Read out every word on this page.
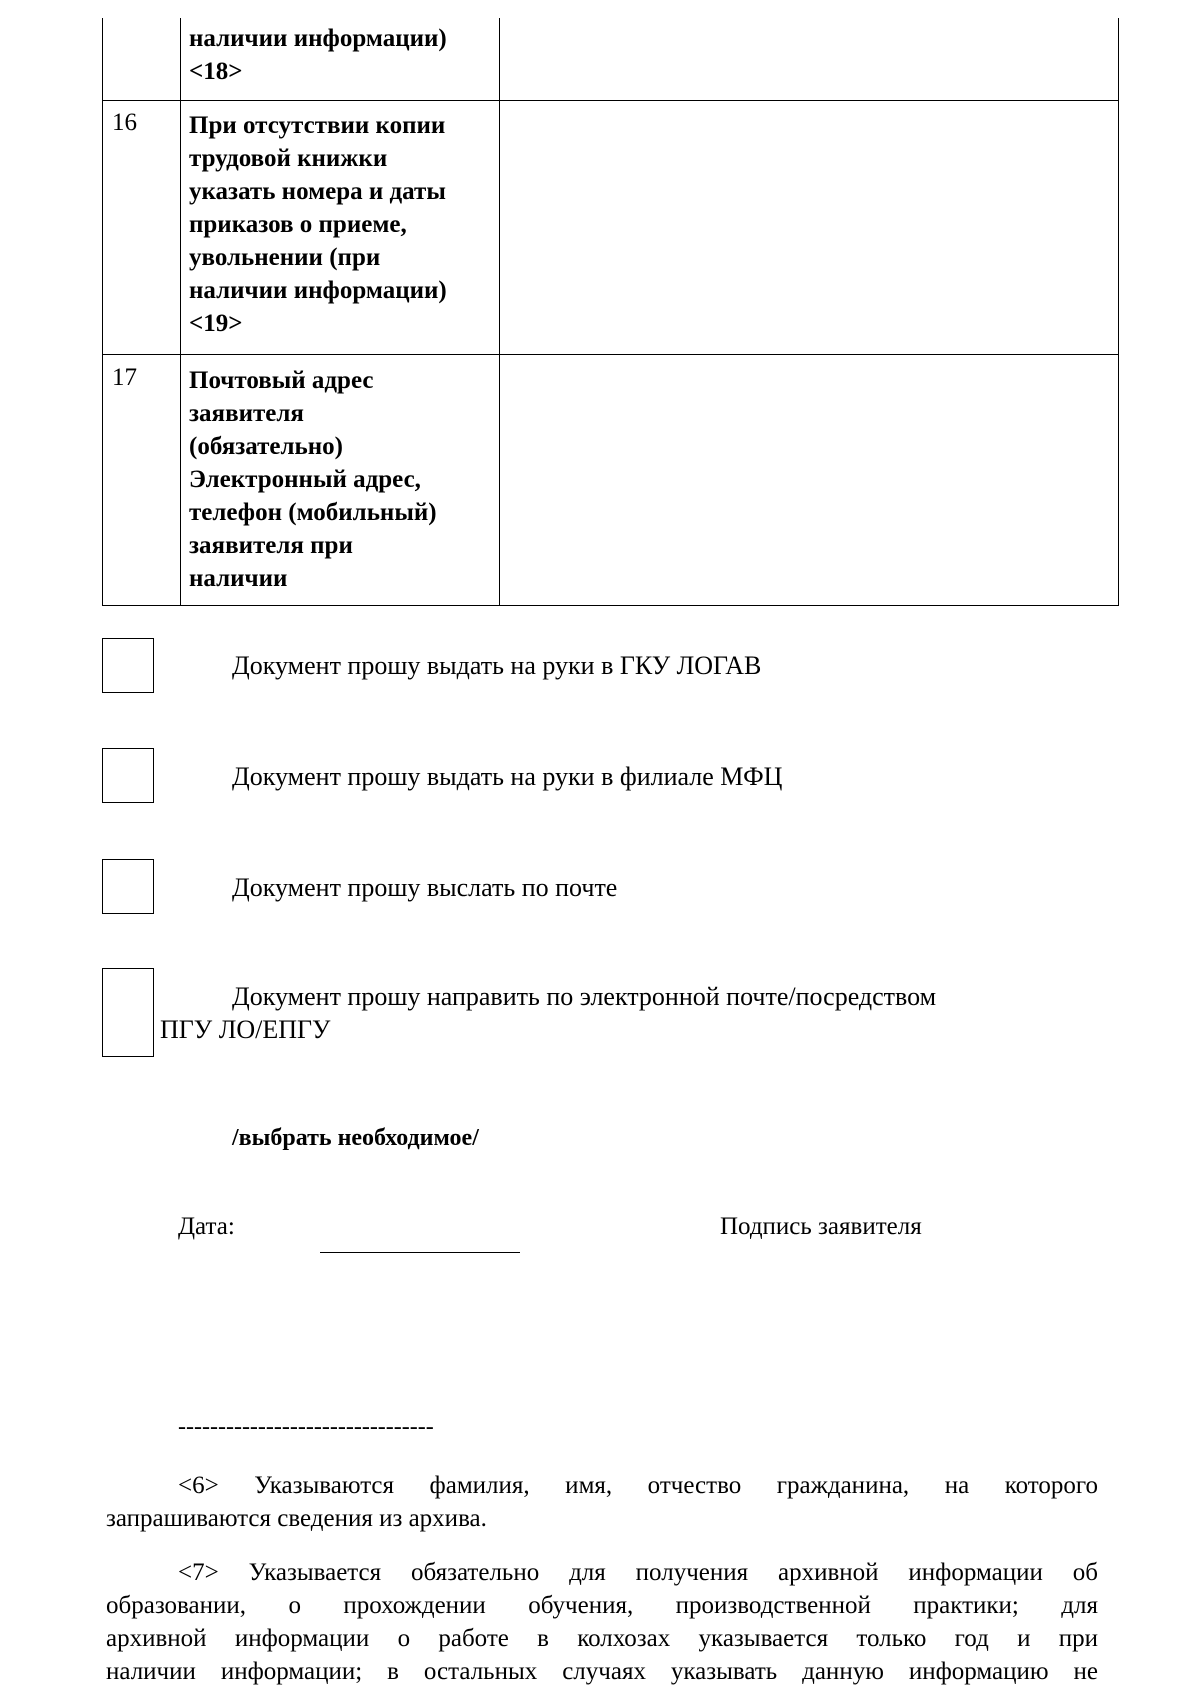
наличии информации)
<18>
16 При отсутствии копии
трудовой книжки
указать номера и даты
приказов о приеме,
увольнении (при
наличии информации)
<19>
17 Почтовый адрес
заявителя
(обязательно)
Электронный адрес,
телефон (мобильный)
заявителя при
наличии
Документ прошу выдать на руки в ГКУ ЛОГАВ
Документ прошу выдать на руки в филиале МФЦ
Документ прошу выслать по почте
Документ прошу направить по электронной почте/посредством
ПГУ ЛО/ЕПГУ
/выбрать необходимое/
Дата:	Подпись заявителя
--------------------------------
<6> Указываются фамилия, имя, отчество гражданина, на которого
запрашиваются сведения из архива.
<7> Указывается обязательно для получения архивной информации об
образовании, о прохождении обучения, производственной практики; для
архивной информации о работе в колхозах указывается только год и при
наличии информации; в остальных случаях указывать данную информацию не
